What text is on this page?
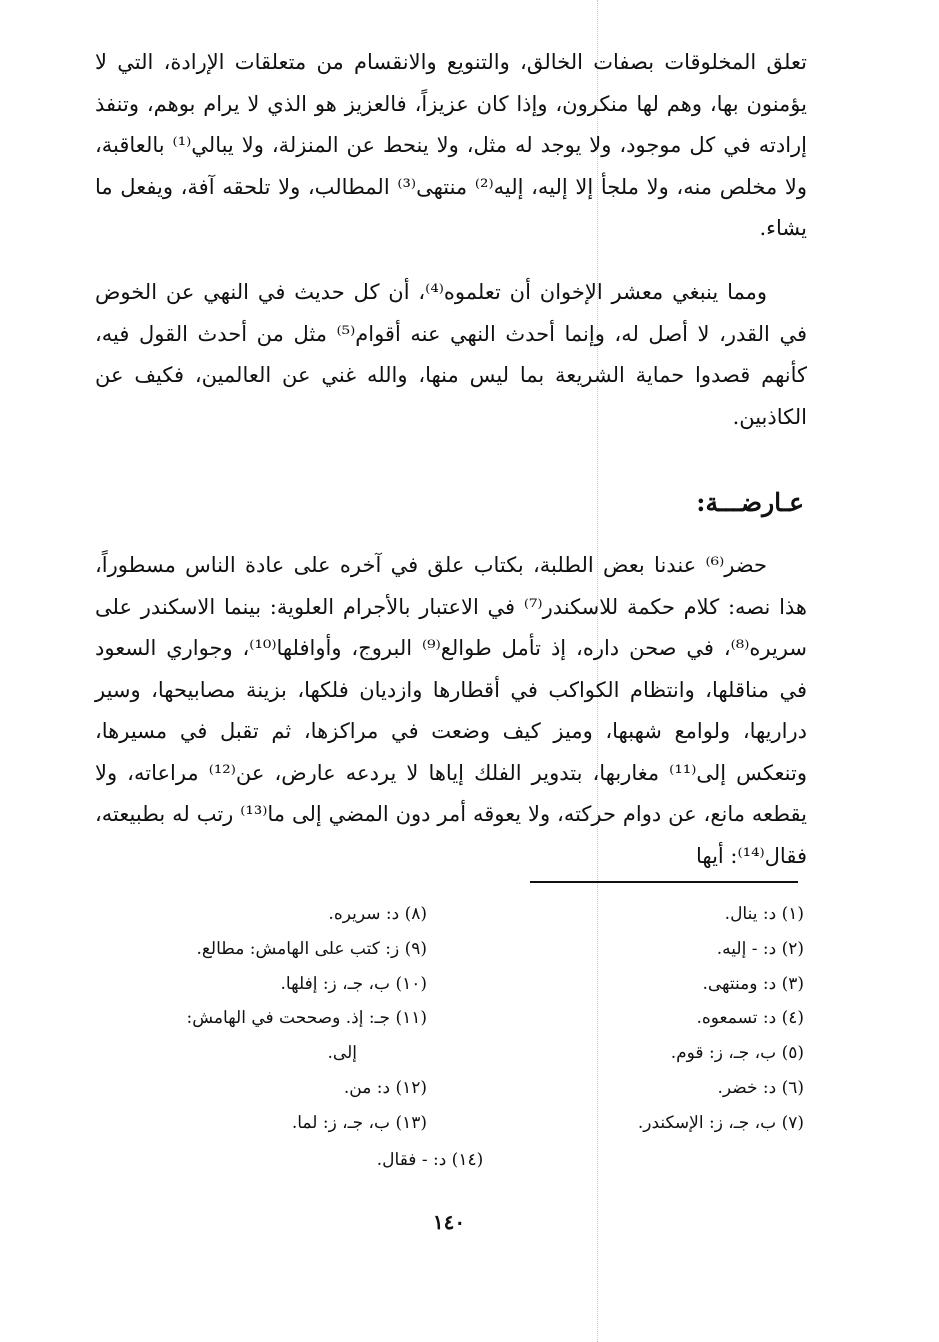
تعلق المخلوقات بصفات الخالق، والتنويع والانقسام من متعلقات الإرادة، التي لا يؤمنون بها، وهم لها منكرون، وإذا كان عزيزاً، فالعزيز هو الذي لا يرام بوهم، وتنفذ إرادته في كل موجود، ولا يوجد له مثل، ولا ينحط عن المنزلة، ولا يبالي⁽¹⁾ بالعاقبة، ولا مخلص منه، ولا ملجأ إلا إليه، إليه⁽²⁾ منتهى⁽³⁾ المطالب، ولا تلحقه آفة، ويفعل ما يشاء.

ومما ينبغي معشر الإخوان أن تعلموه⁽⁴⁾، أن كل حديث في النهي عن الخوض في القدر، لا أصل له، وإنما أحدث النهي عنه أقوام⁽⁵⁾ مثل من أحدث القول فيه، كأنهم قصدوا حماية الشريعة بما ليس منها، والله غني عن العالمين، فكيف عن الكاذبين.

عـارضـــة:

حضر⁽⁶⁾ عندنا بعض الطلبة، بكتاب علق في آخره على عادة الناس مسطوراً، هذا نصه: كلام حكمة للاسكندر⁽⁷⁾ في الاعتبار بالأجرام العلوية: بينما الاسكندر على سريره⁽⁸⁾، في صحن داره، إذ تأمل طوالع⁽⁹⁾ البروج، وأوافلها⁽¹⁰⁾، وجواري السعود في مناقلها، وانتظام الكواكب في أقطارها وازديان فلكها، بزينة مصابيحها، وسير دراريها، ولوامع شهبها، وميز كيف وضعت في مراكزها، ثم تقبل في مسيرها، وتنعكس إلى⁽¹¹⁾ مغاربها، بتدوير الفلك إياها لا يردعه عارض، عن⁽¹²⁾ مراعاته، ولا يقطعه مانع، عن دوام حركته، ولا يعوقه أمر دون المضي إلى ما⁽¹³⁾ رتب له بطبيعته، فقال⁽¹⁴⁾: أيها

(١) د: ينال.
(٢) د: - إليه.
(٣) د: ومنتهى.
(٤) د: تسمعوه.
(٥) ب، جـ، ز: قوم.
(٦) د: خضر.
(٧) ب، جـ، ز: الإسكندر.
(٨) د: سريره.
(٩) ز: كتب على الهامش: مطالع.
(١٠) ب، جـ، ز: إفلها.
(١١) جـ: إذ. وصححت في الهامش:
إلى.
(١٢) د: من.
(١٣) ب، جـ، ز: لما.
(١٤) د: - فقال.
١٤٠
